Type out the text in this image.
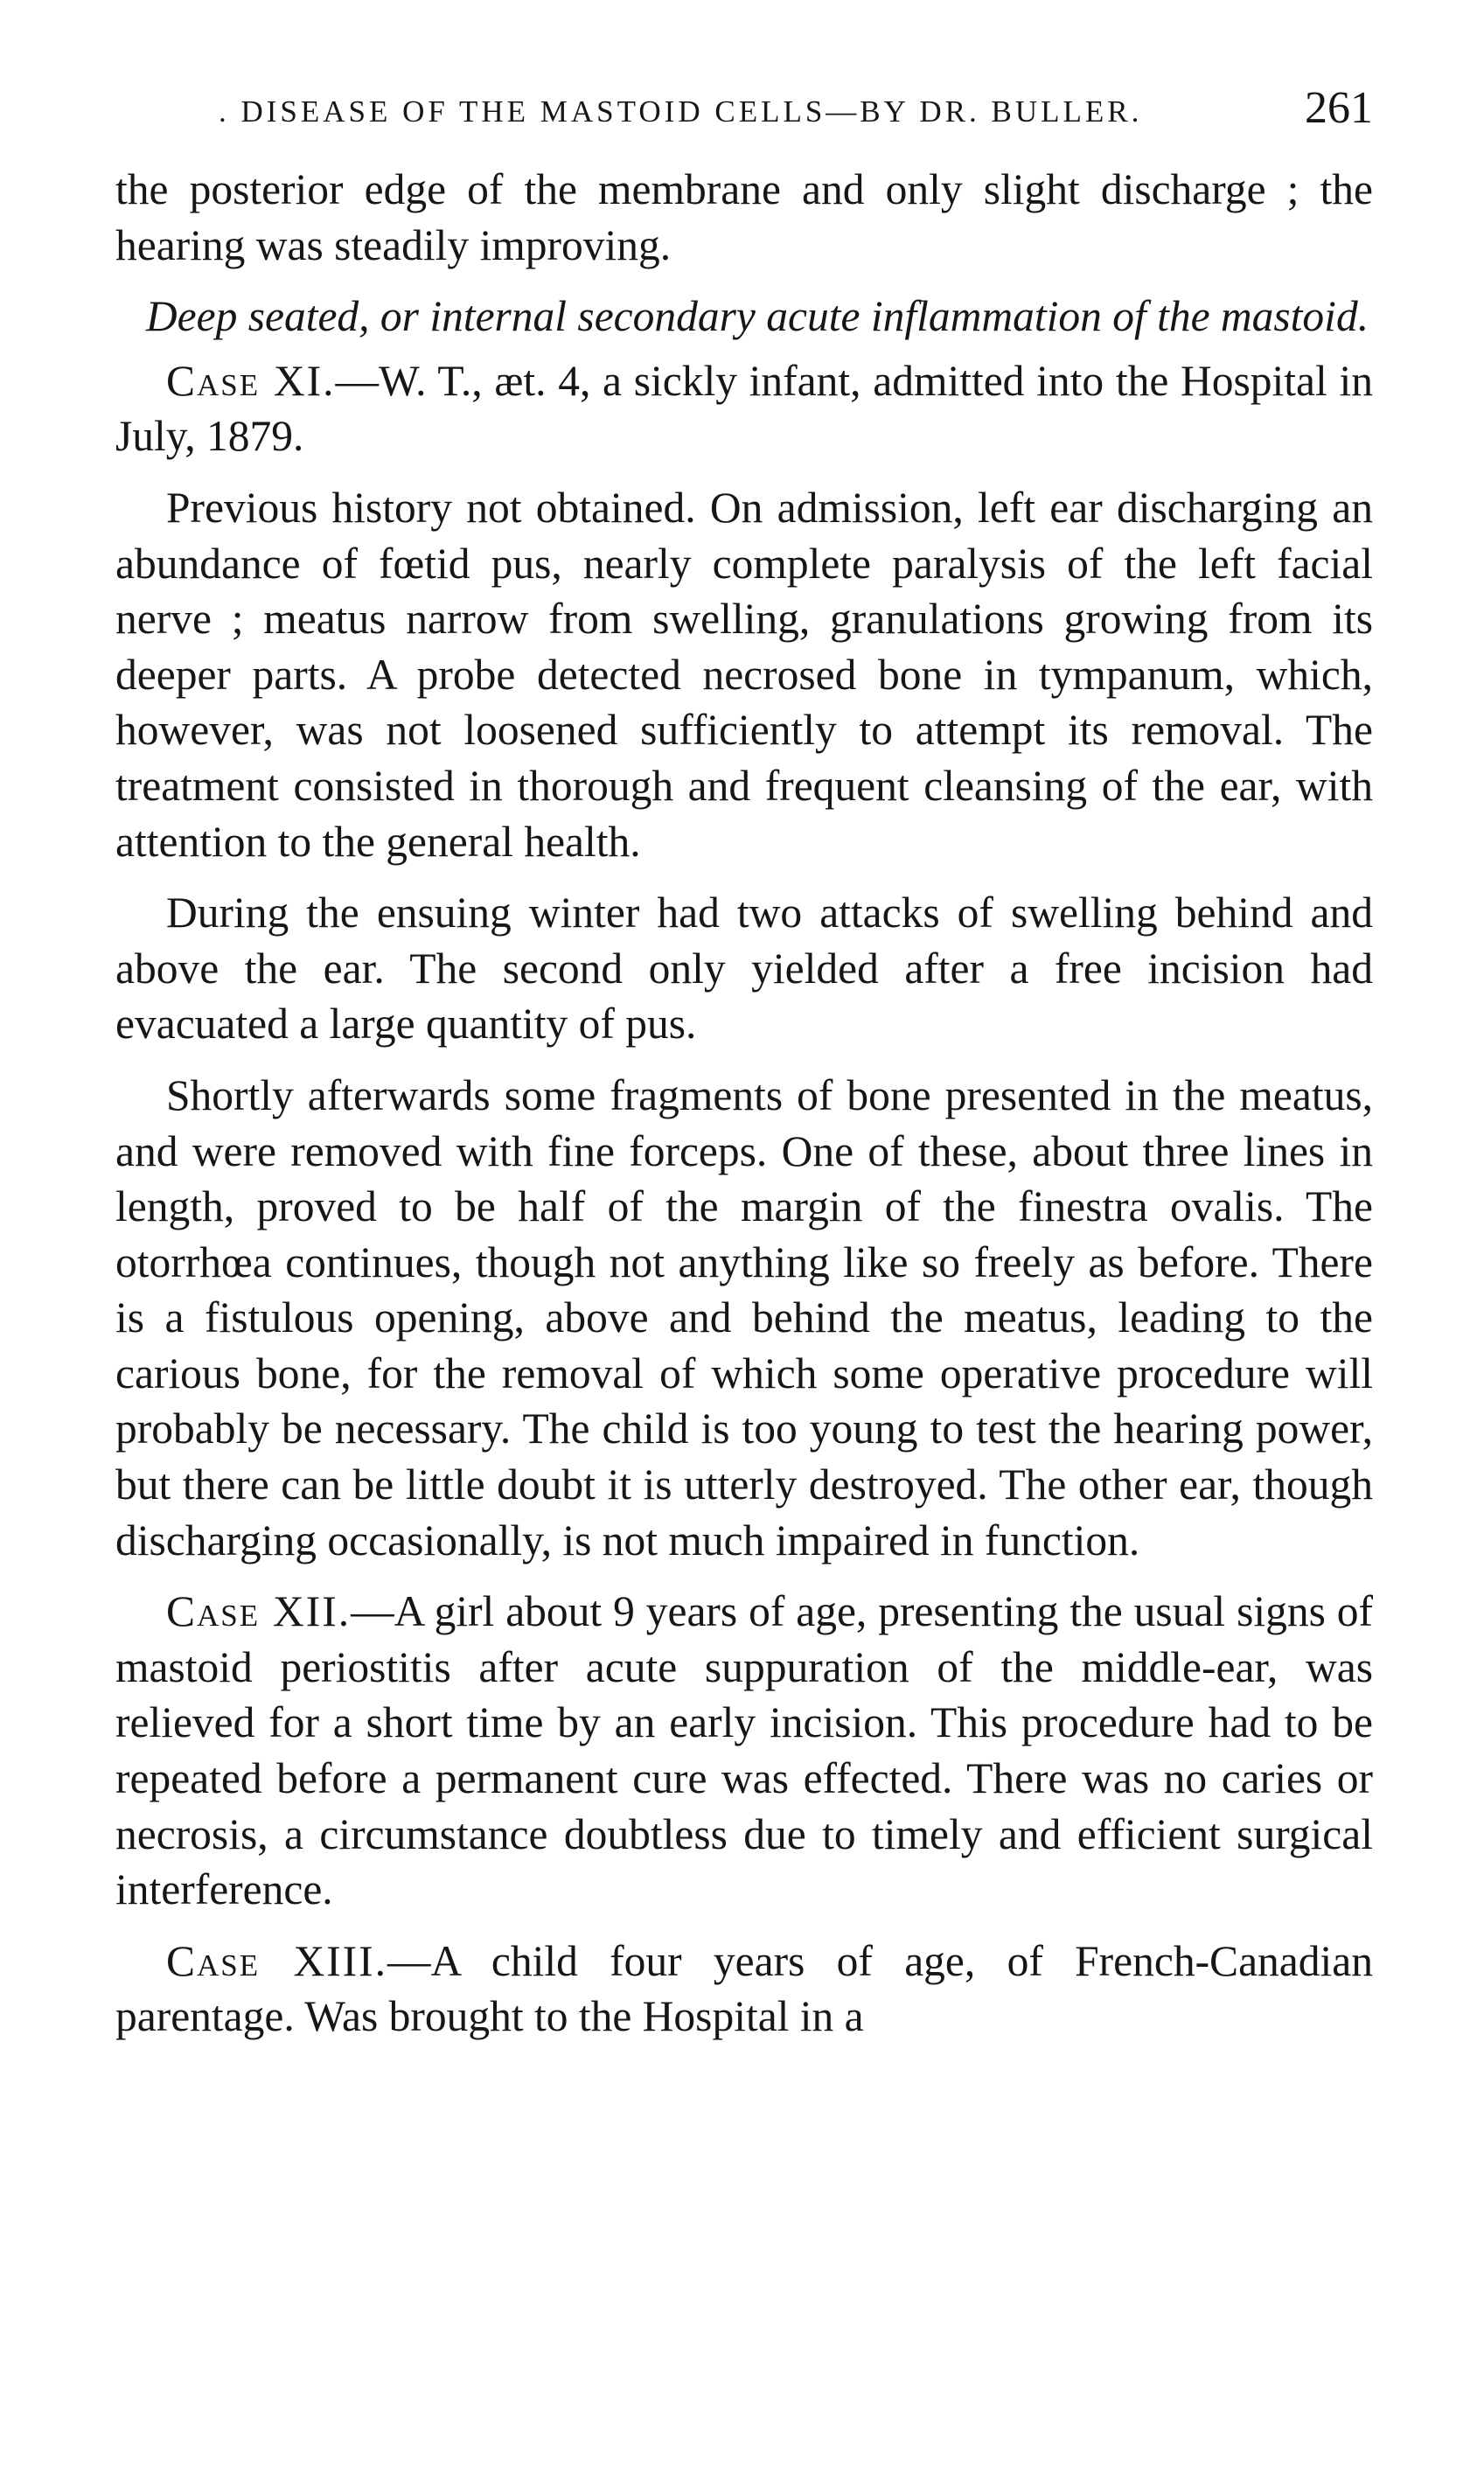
. DISEASE OF THE MASTOID CELLS—BY DR. BULLER.	261

the posterior edge of the membrane and only slight discharge ; the hearing was steadily improving.

Deep seated, or internal secondary acute inflammation of the mastoid.

Case XI.—W. T., æt. 4, a sickly infant, admitted into the Hospital in July, 1879.

Previous history not obtained. On admission, left ear discharging an abundance of fœtid pus, nearly complete paralysis of the left facial nerve ; meatus narrow from swelling, granulations growing from its deeper parts. A probe detected necrosed bone in tympanum, which, however, was not loosened sufficiently to attempt its removal. The treatment consisted in thorough and frequent cleansing of the ear, with attention to the general health.

During the ensuing winter had two attacks of swelling behind and above the ear. The second only yielded after a free incision had evacuated a large quantity of pus.

Shortly afterwards some fragments of bone presented in the meatus, and were removed with fine forceps. One of these, about three lines in length, proved to be half of the margin of the finestra ovalis. The otorrhœa continues, though not anything like so freely as before. There is a fistulous opening, above and behind the meatus, leading to the carious bone, for the removal of which some operative procedure will probably be necessary. The child is too young to test the hearing power, but there can be little doubt it is utterly destroyed. The other ear, though discharging occasionally, is not much impaired in function.

Case XII.—A girl about 9 years of age, presenting the usual signs of mastoid periostitis after acute suppuration of the middle-ear, was relieved for a short time by an early incision. This procedure had to be repeated before a permanent cure was effected. There was no caries or necrosis, a circumstance doubtless due to timely and efficient surgical interference.

Case XIII.—A child four years of age, of French-Canadian parentage. Was brought to the Hospital in a
